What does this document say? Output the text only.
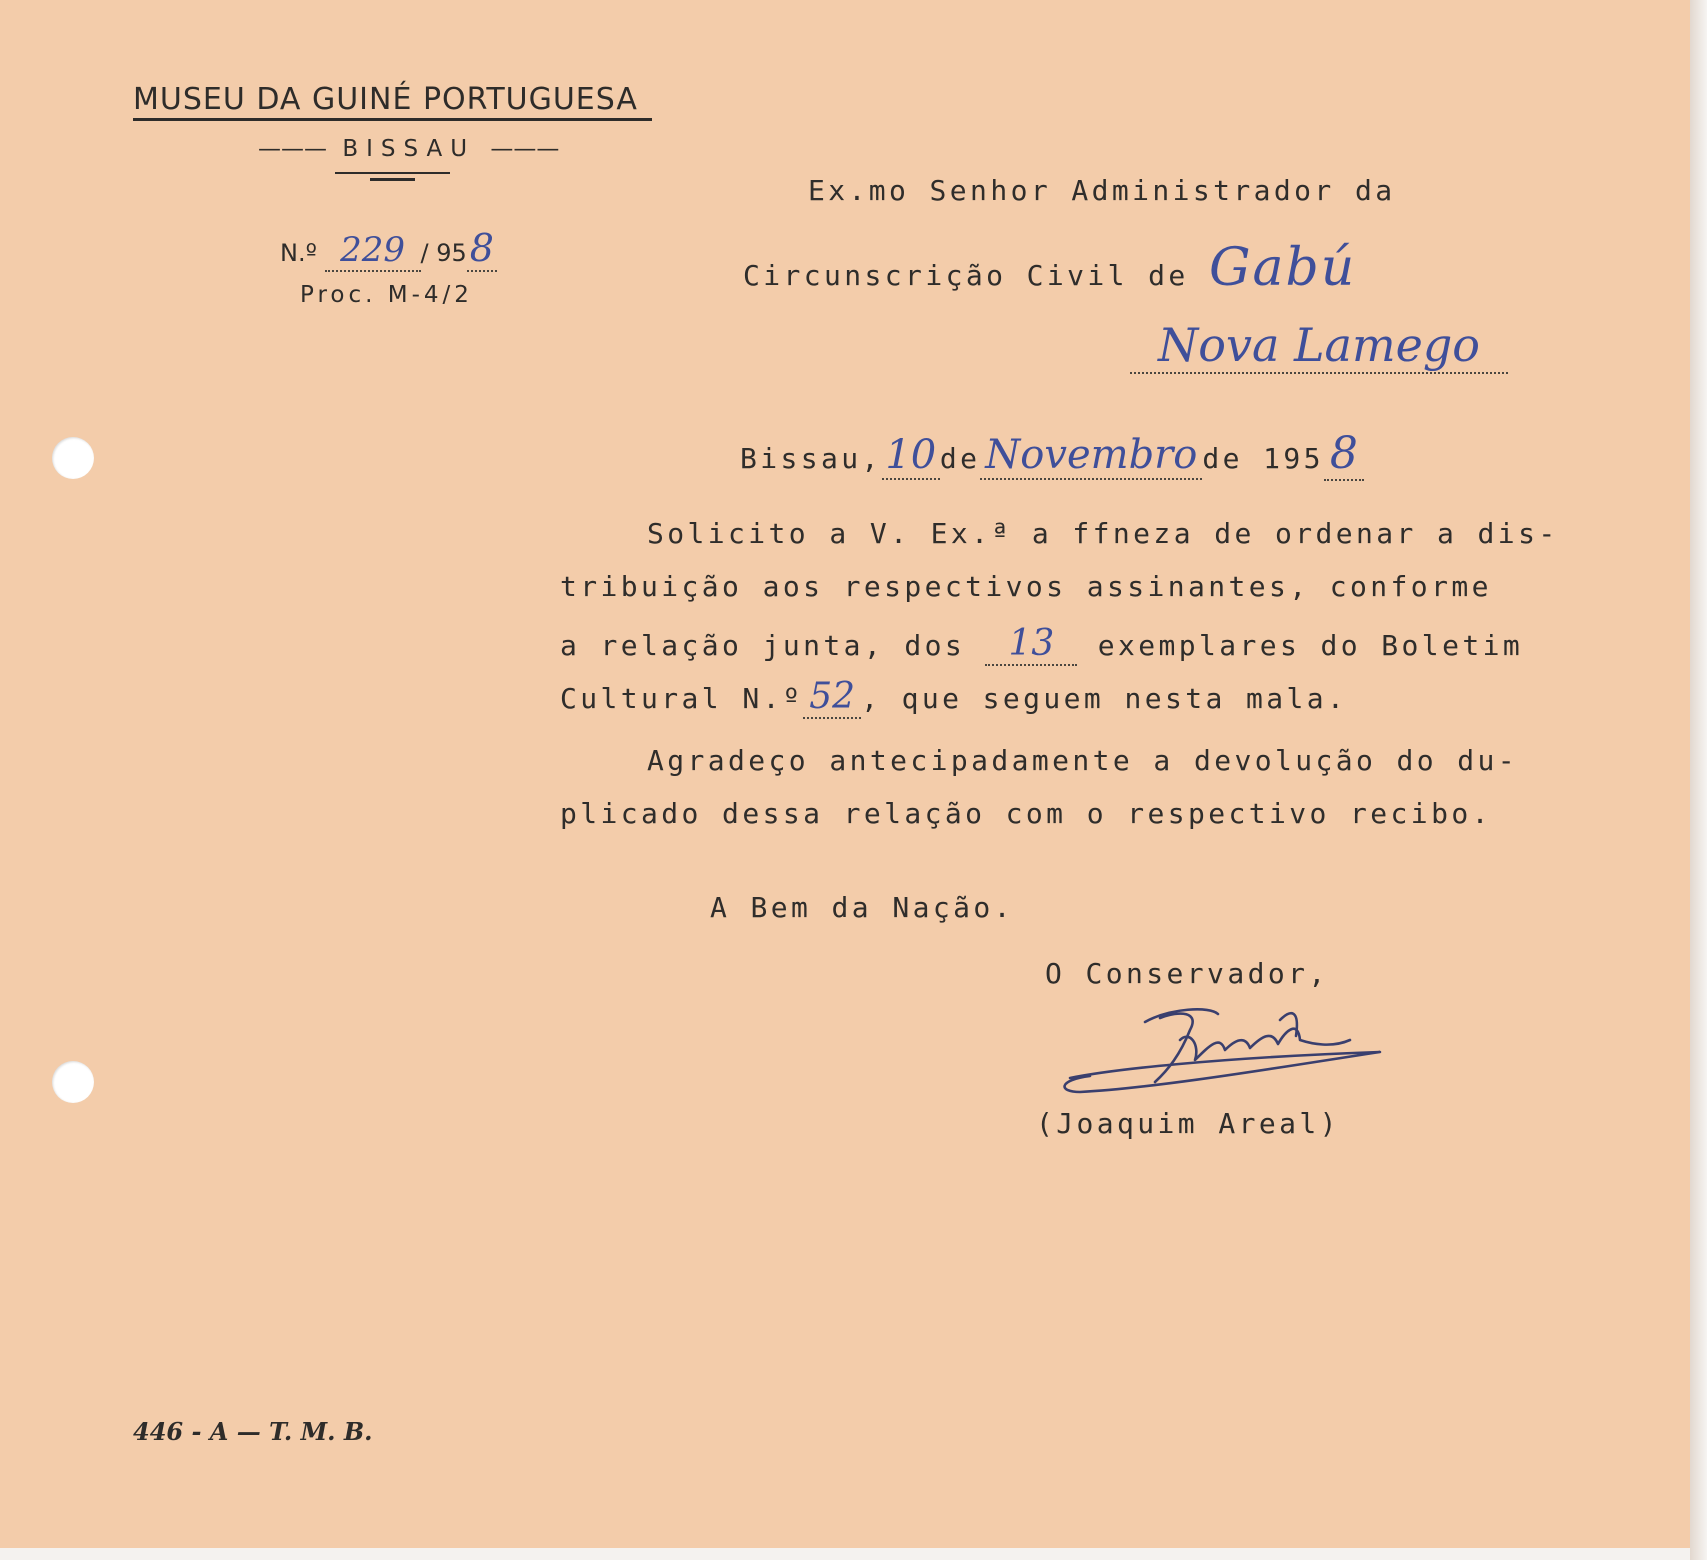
MUSEU DA GUINÉ PORTUGUESA
——— BISSAU ———
N.º 229 / 958
Proc. M-4/2
Ex.mo Senhor Administrador da
Circunscrição Civil de Gabú
Nova Lamego
Bissau,10 de Novembro de 195 8
Solicito a V. Ex.ª a ffneza de ordenar a dis-
tribuição aos respectivos assinantes, conforme
a relação junta, dos 13 exemplares do Boletim
Cultural N.º 52 , que seguem nesta mala.
Agradeço antecipadamente a devolução do du-
plicado dessa relação com o respectivo recibo.
A Bem da Nação.
O Conservador,
(Joaquim Areal)
446 - A — T. M. B.
